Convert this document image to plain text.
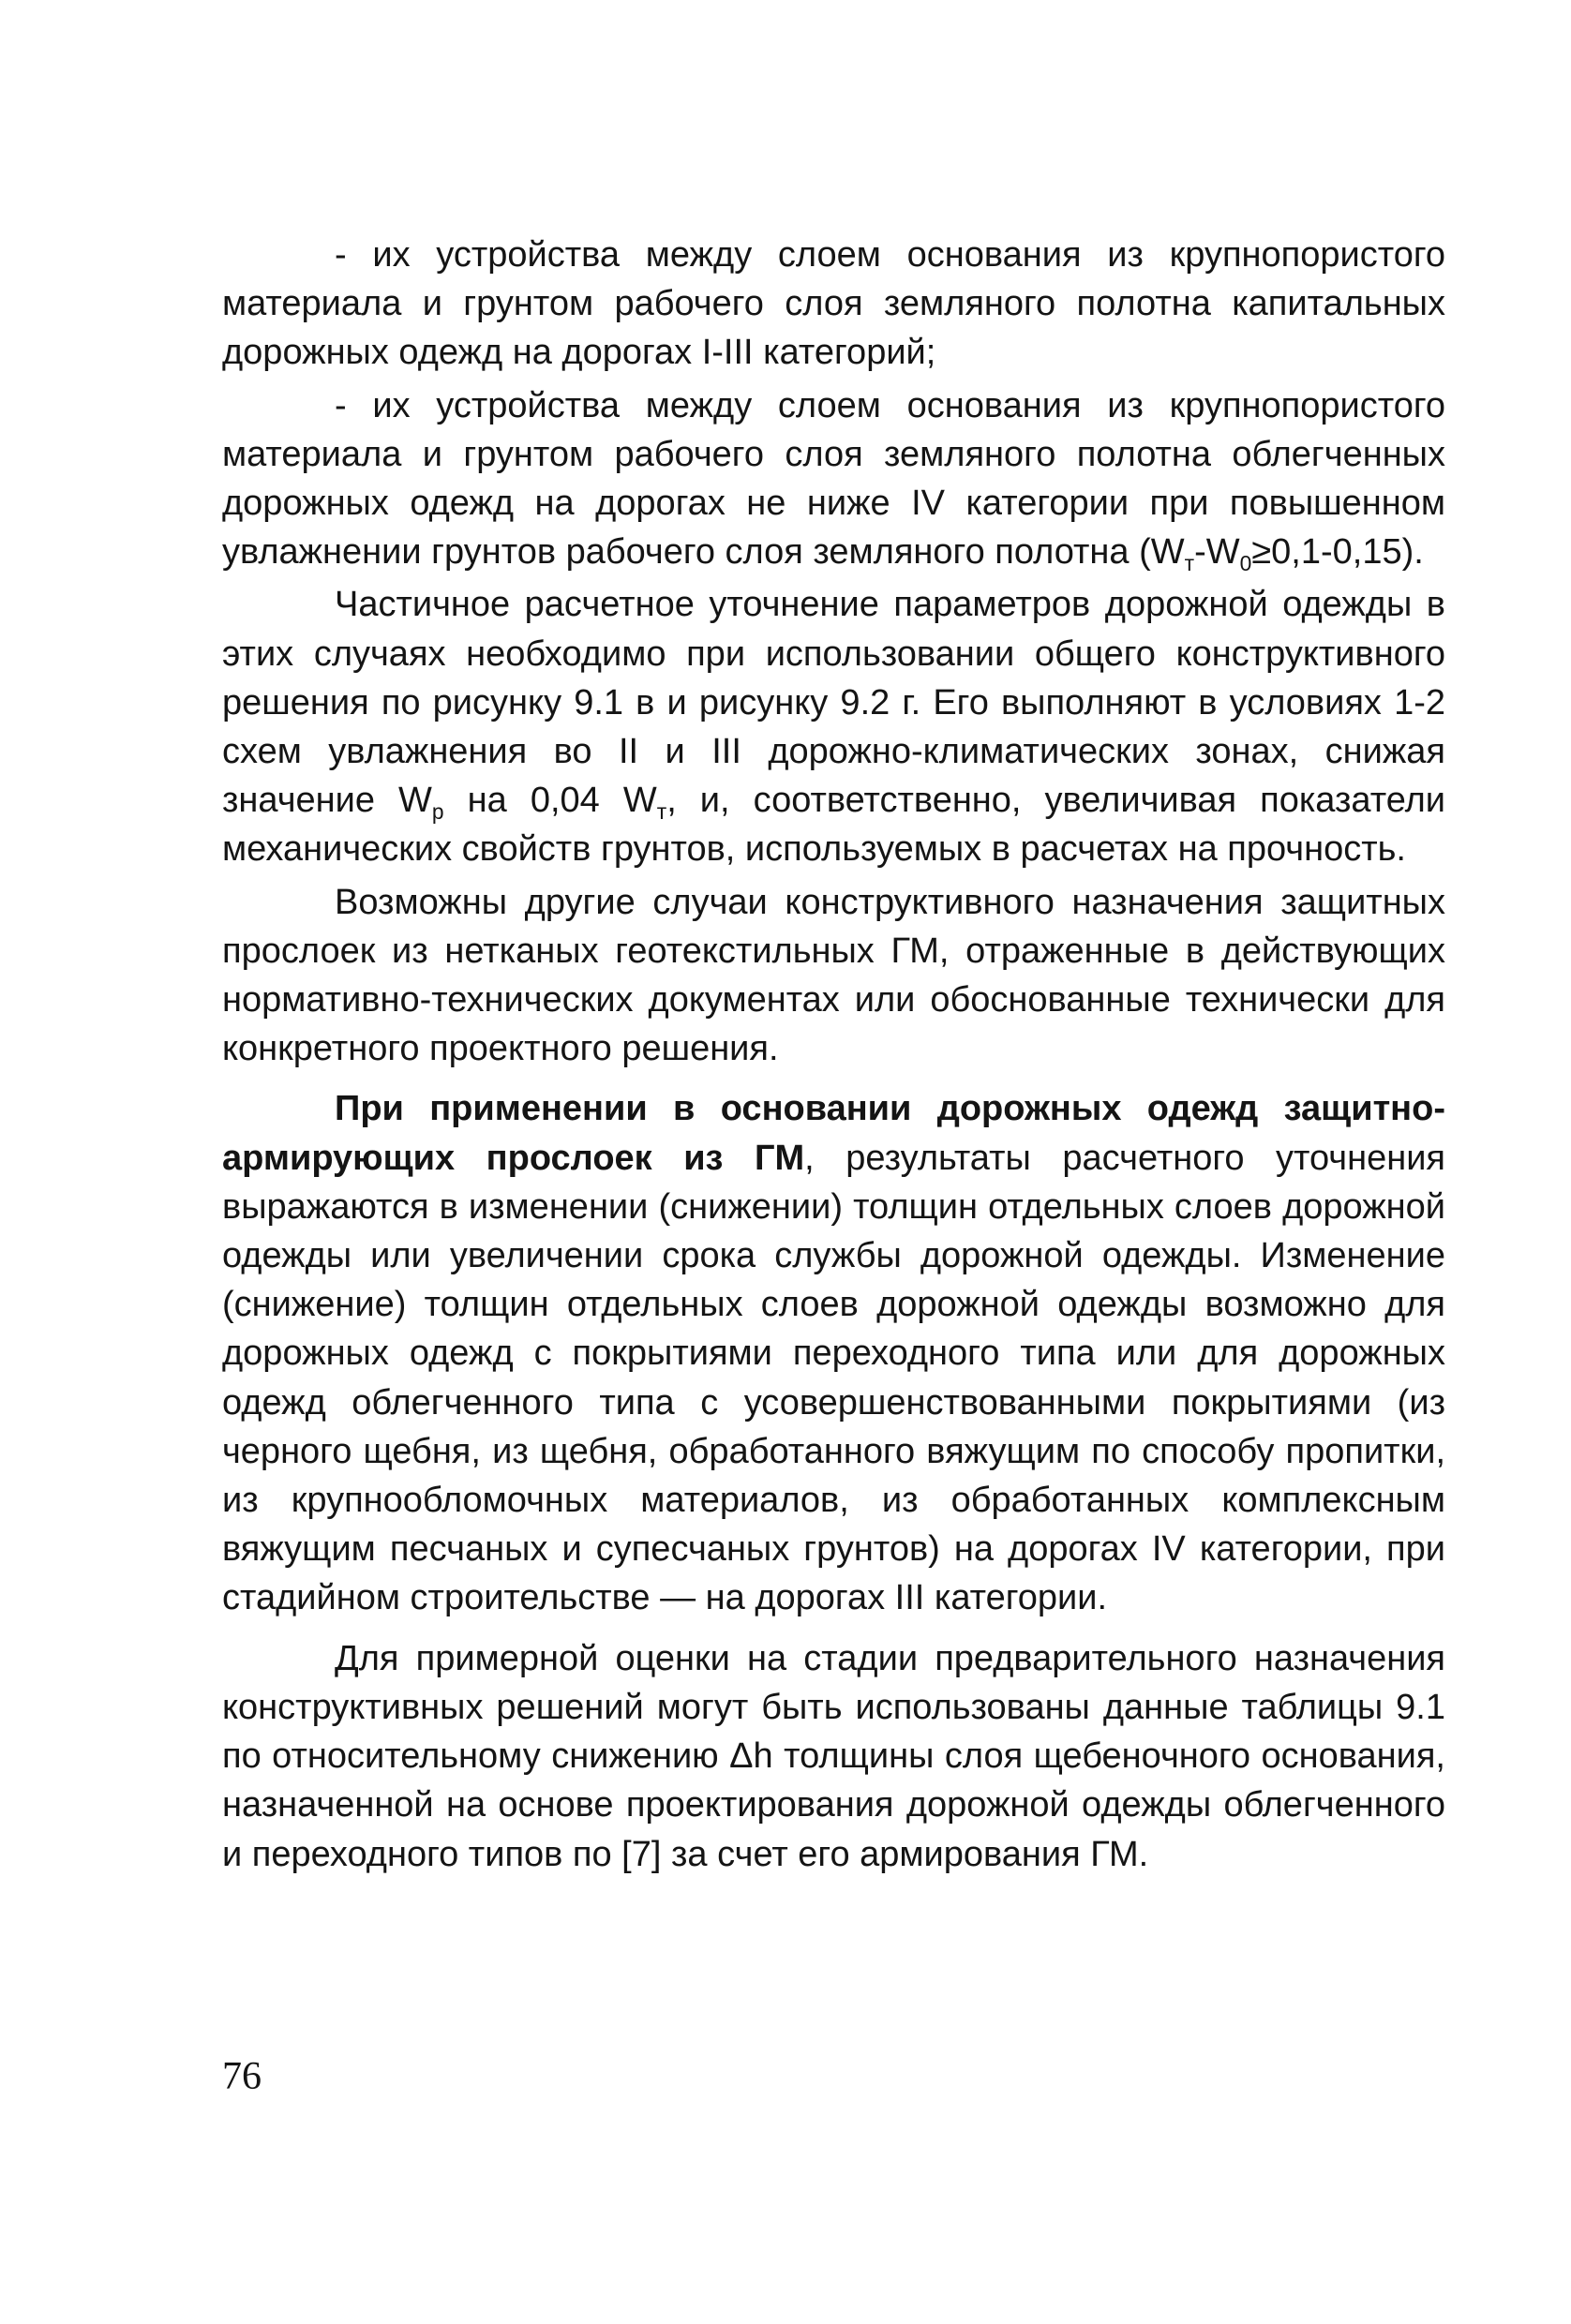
- их устройства между слоем основания из крупнопористого материала и грунтом рабочего слоя земляного полотна капитальных дорожных одежд на дорогах I-III категорий;

- их устройства между слоем основания из крупнопористого материала и грунтом рабочего слоя земляного полотна облегченных дорожных одежд на дорогах не ниже IV категории при повышенном увлажнении грунтов рабочего слоя земляного полотна $(W_т-W_0\ge 0,1-0,15)$.

Частичное расчетное уточнение параметров дорожной одежды в этих случаях необходимо при использовании общего конструктивного решения по рисунку 9.1 в и рисунку 9.2 г. Его выполняют в условиях 1-2 схем увлажнения во II и III дорожно-климатических зонах, снижая значение $W_р$ на 0,04 $W_т$, и, соответственно, увеличивая показатели механических свойств грунтов, используемых в расчетах на прочность.

Возможны другие случаи конструктивного назначения защитных прослоек из нетканых геотекстильных ГМ, отраженные в действующих нормативно-технических документах или обоснованные технически для конкретного проектного решения.

При применении в основании дорожных одежд защитно-армирующих прослоек из ГМ, результаты расчетного уточнения выражаются в изменении (снижении) толщин отдельных слоев дорожной одежды или увеличении срока службы дорожной одежды. Изменение (снижение) толщин отдельных слоев дорожной одежды возможно для дорожных одежд с покрытиями переходного типа или для дорожных одежд облегченного типа с усовершенствованными покрытиями (из черного щебня, из щебня, обработанного вяжущим по способу пропитки, из крупнообломочных материалов, из обработанных комплексным вяжущим песчаных и супесчаных грунтов) на дорогах IV категории, при стадийном строительстве — на дорогах III категории.

Для примерной оценки на стадии предварительного назначения конструктивных решений могут быть использованы данные таблицы 9.1 по относительному снижению Δh толщины слоя щебеночного основания, назначенной на основе проектирования дорожной одежды облегченного и переходного типов по [7] за счет его армирования ГМ.

76
